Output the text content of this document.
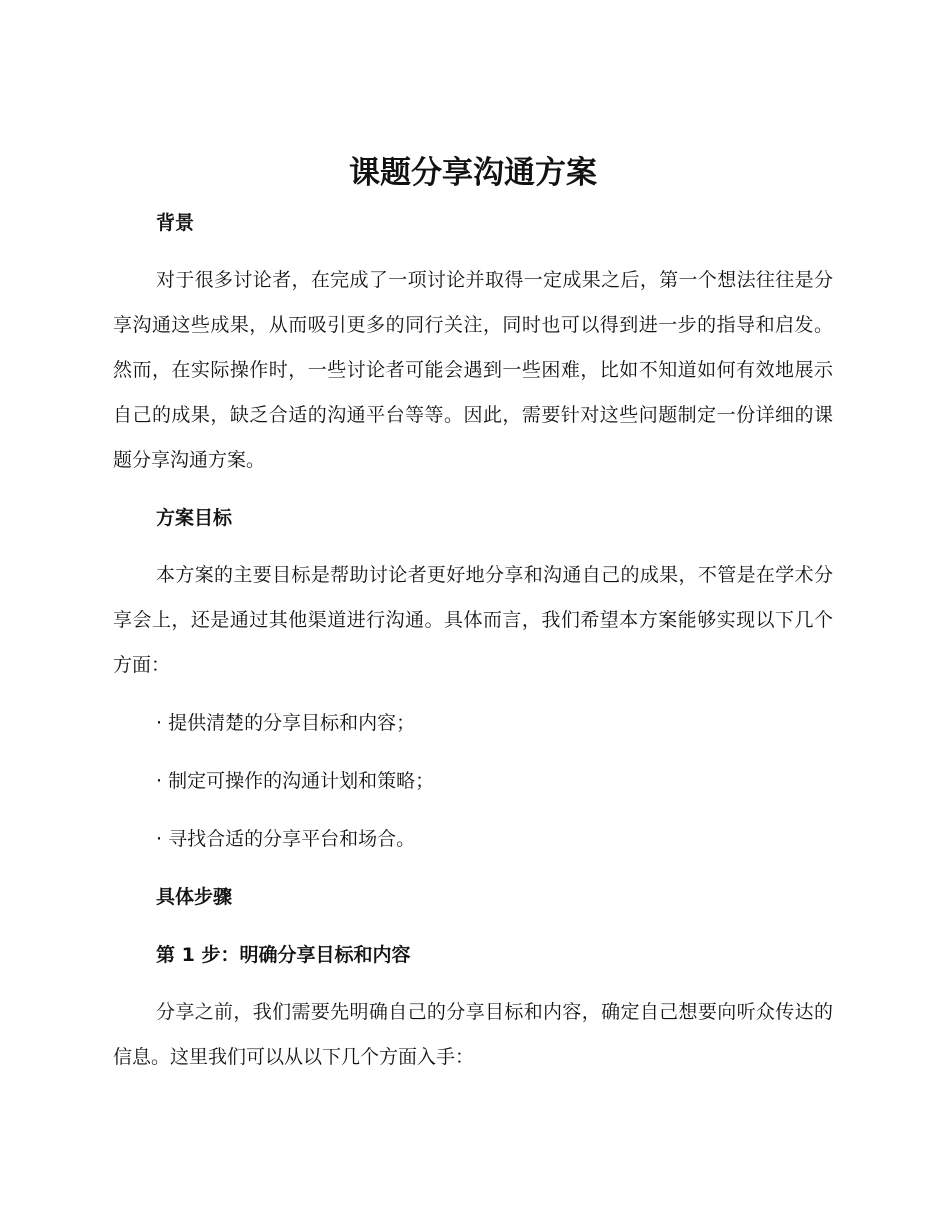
课题分享沟通方案
背景

对于很多讨论者，在完成了一项讨论并取得一定成果之后，第一个想法往往是分享沟通这些成果，从而吸引更多的同行关注，同时也可以得到进一步的指导和启发。然而，在实际操作时，一些讨论者可能会遇到一些困难，比如不知道如何有效地展示自己的成果，缺乏合适的沟通平台等等。因此，需要针对这些问题制定一份详细的课题分享沟通方案。

方案目标

本方案的主要目标是帮助讨论者更好地分享和沟通自己的成果，不管是在学术分享会上，还是通过其他渠道进行沟通。具体而言，我们希望本方案能够实现以下几个方面：

· 提供清楚的分享目标和内容；

· 制定可操作的沟通计划和策略；

· 寻找合适的分享平台和场合。

具体步骤
第 1 步：明确分享目标和内容

分享之前，我们需要先明确自己的分享目标和内容，确定自己想要向听众传达的信息。这里我们可以从以下几个方面入手：
